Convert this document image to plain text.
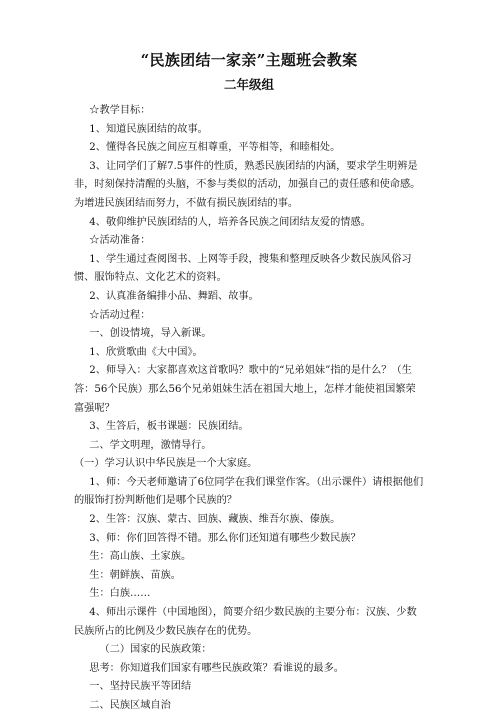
“民族团结一家亲”主题班会教案
二年级组

☆教学目标：

1、知道民族团结的故事。

2、懂得各民族之间应互相尊重，平等相等，和睦相处。

3、让同学们了解7.5事件的性质，熟悉民族团结的内涵，要求学生明辨是非，时刻保持清醒的头脑，不参与类似的活动，加强自己的责任感和使命感。为增进民族团结而努力，不做有损民族团结的事。

4、敬仰维护民族团结的人，培养各民族之间团结友爱的情感。

☆活动准备：

1、学生通过查阅图书、上网等手段，搜集和整理反映各少数民族风俗习惯、服饰特点、文化艺术的资料。

2、认真准备编排小品、舞蹈、故事。

☆活动过程：

一、创设情境，导入新课。

1、欣赏歌曲《大中国》。

2、师导入：大家都喜欢这首歌吗？歌中的“兄弟姐妹”指的是什么？（生答：56个民族）那么56个兄弟姐妹生活在祖国大地上，怎样才能使祖国繁荣富强呢？

3、生答后，板书课题：民族团结。

二、学文明理，激情导行。

（一）学习认识中华民族是一个大家庭。

1、师：今天老师邀请了6位同学在我们课堂作客。（出示课件）请根据他们的服饰打扮判断他们是哪个民族的？

2、生答：汉族、蒙古、回族、藏族、维吾尔族、傣族。

3、师：你们回答得不错。那么你们还知道有哪些少数民族？

生：高山族、土家族。

生：朝鲜族、苗族。

生：白族……

4、师出示课件（中国地图），简要介绍少数民族的主要分布：汉族、少数民族所占的比例及少数民族存在的优势。

（二）国家的民族政策：

思考：你知道我们国家有哪些民族政策？看谁说的最多。

一、坚持民族平等团结

二、民族区域自治
